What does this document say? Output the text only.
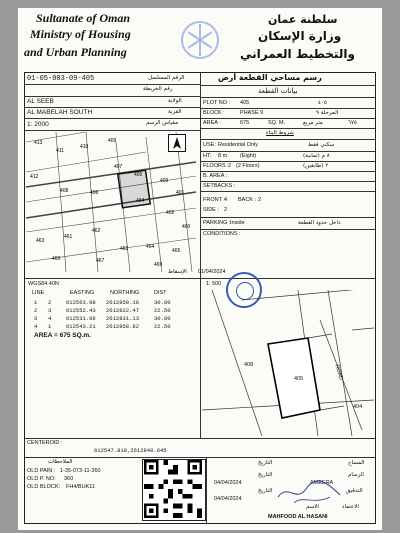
Sultanate of Oman
Ministry of Housing
and Urban Planning
سلطنة عمان
وزارة الإسكان
والتخطيط العمراني
01-05-003-09-405	الرقم المسلسل
رقم الخريطة
AL SEEB	الولاية
AL MABELAH SOUTH	القرية
مقياس الرسم
1: 2000
413
411
410
409
407
405
403
412
408	406
404
402
401
400
463
461
462
463	464
465
460	467
469
الإسقاط
رسم مساحي القطعة أرض
بيانات القطعة
PLOT NO : 405	٤٠٥
BLOCK :	PHASE 9	المرحلة ٩
AREA :	675	SQ. M.	متر مربع	٦٧٥
شروط البناء
USE: Residential Only	سكني فقط
HT: 8 m. (Eight)	٨ م (ثمانية)
FLOORS : 2 (2 Floors)	٢ (طابقين)
B. AREA :
SETBACKS :
FRONT : 4 BACK : 2
SIDE : 2
PARKING : Inside	داخل حدود القطعة
CONDITIONS :
WGS84 40N	1: 500
01/04/2024
LINE	EASTING	NORTHING	DIST
1 2	612563.98 2612850.16	30.00
2 3	612552.43 2612822.47	22.50
3 4	612531.66 2612831.13	30.00
4 1	612543.21 2612858.82	22.50
AREA = 675 SQ.m.
405
408
404
ROAD
CENTEROID :
612547.818,2612840.645
الملاحظات
OLD PAIN : 1-35-073-11-360
OLD P. NO: 360
OLD BLOCK: FH4/BUK11
المساح
التاريخ
الرسام
التاريخ
04/04/2024	AMEERA
التدقيق
التاريخ
04/04/2024
الاعتماد
الاسم
MAHFOOD AL HASANI
